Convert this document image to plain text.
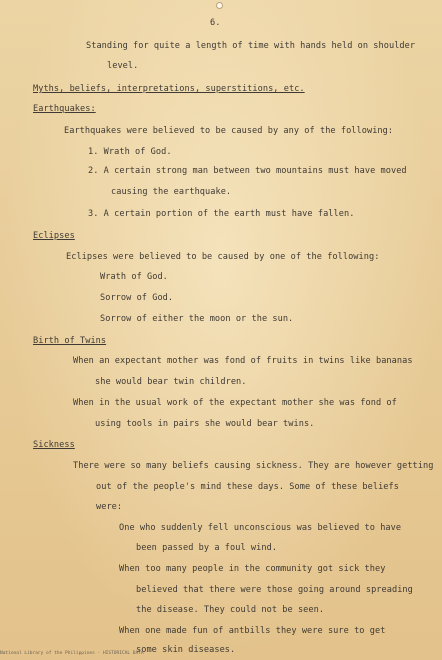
6.
Standing for quite a length of time with hands held on shoulder
level.
Myths, beliefs, interpretations, superstitions, etc.
Earthquakes:
Earthquakes were believed to be caused by any of the following:
1. Wrath of God.
2. A certain strong man between two mountains must have moved
causing the earthquake.
3. A certain portion of the earth must have fallen.
Eclipses
Eclipses were believed to be caused by one of the following:
Wrath of God.
Sorrow of God.
Sorrow of either the moon or the sun.
Birth of Twins
When an expectant mother was fond of fruits in twins like bananas
she would bear twin children.
When in the usual work of the expectant mother she was fond of
using tools in pairs she would bear twins.
Sickness
There were so many beliefs causing sickness. They are however getting
out of the people's mind these days. Some of these beliefs
were:
One who suddenly fell unconscious was believed to have
been passed by a foul wind.
When too many people in the community got sick they
believed that there were those going around spreading
the disease. They could not be seen.
When one made fun of antbills they were sure to get
some skin diseases.
National Library of the Philippines · HISTORICAL DATA
